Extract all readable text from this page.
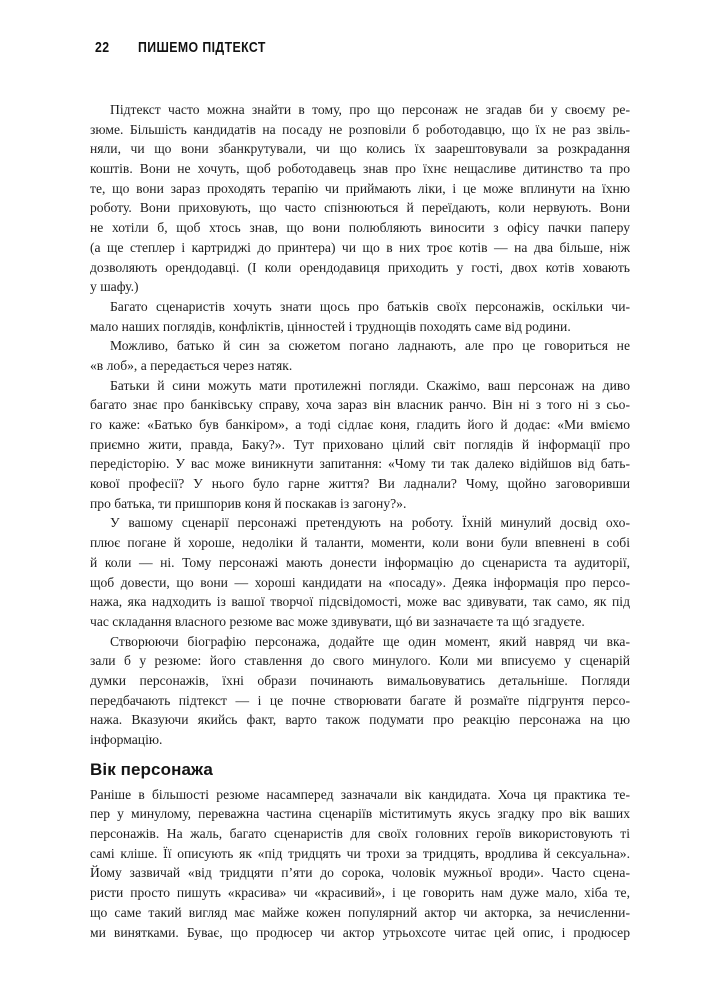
22 ПИШЕМО ПІДТЕКСТ
Підтекст часто можна знайти в тому, про що персонаж не згадав би у своєму ре-
зюме. Більшість кандидатів на посаду не розповіли б роботодавцю, що їх не раз звіль-
няли, чи що вони збанкрутували, чи що колись їх заарештовували за розкрадання
коштів. Вони не хочуть, щоб роботодавець знав про їхнє нещасливе дитинство та про
те, що вони зараз проходять терапію чи приймають ліки, і це може вплинути на їхню
роботу. Вони приховують, що часто спізнюються й переїдають, коли нервують. Вони
не хотіли б, щоб хтось знав, що вони полюбляють виносити з офісу пачки паперу
(а ще степлер і картриджі до принтера) чи що в них троє котів — на два більше, ніж
дозволяють орендодавці. (І коли орендодавиця приходить у гості, двох котів ховають
у шафу.)
Багато сценаристів хочуть знати щось про батьків своїх персонажів, оскільки чи-
мало наших поглядів, конфліктів, цінностей і труднощів походять саме від родини.
Можливо, батько й син за сюжетом погано ладнають, але про це говориться не
«в лоб», а передається через натяк.
Батьки й сини можуть мати протилежні погляди. Скажімо, ваш персонаж на диво
багато знає про банківську справу, хоча зараз він власник ранчо. Він ні з того ні з сьо-
го каже: «Батько був банкіром», а тоді сідлає коня, гладить його й додає: «Ми вміємо
приємно жити, правда, Баку?». Тут приховано цілий світ поглядів й інформації про
передісторію. У вас може виникнути запитання: «Чому ти так далеко відійшов від бать-
кової професії? У нього було гарне життя? Ви ладнали? Чому, щойно заговоривши
про батька, ти пришпорив коня й поскакав із загону?».
У вашому сценарії персонажі претендують на роботу. Їхній минулий досвід охо-
плює погане й хороше, недоліки й таланти, моменти, коли вони були впевнені в собі
й коли — ні. Тому персонажі мають донести інформацію до сценариста та аудиторії,
щоб довести, що вони — хороші кандидати на «посаду». Деяка інформація про персо-
нажа, яка надходить із вашої творчої підсвідомості, може вас здивувати, так само, як під
час складання власного резюме вас може здивувати, щó ви зазначаєте та щó згадуєте.
Створюючи біографію персонажа, додайте ще один момент, який навряд чи вка-
зали б у резюме: його ставлення до свого минулого. Коли ми вписуємо у сценарій
думки персонажів, їхні образи починають вимальовуватись детальніше. Погляди
передбачають підтекст — і це почне створювати багате й розмаїте підгрунтя персо-
нажа. Вказуючи якийсь факт, варто також подумати про реакцію персонажа на цю
інформацію.
Вік персонажа
Раніше в більшості резюме насамперед зазначали вік кандидата. Хоча ця практика те-
пер у минулому, переважна частина сценаріїв міститимуть якусь згадку про вік ваших
персонажів. На жаль, багато сценаристів для своїх головних героїв використовують ті
самі кліше. Її описують як «під тридцять чи трохи за тридцять, вродлива й сексуальна».
Йому зазвичай «від тридцяти п’яти до сорока, чоловік мужньої вроди». Часто сцена-
ристи просто пишуть «красива» чи «красивий», і це говорить нам дуже мало, хіба те,
що саме такий вигляд має майже кожен популярний актор чи акторка, за нечисленни-
ми винятками. Буває, що продюсер чи актор утрьохсоте читає цей опис, і продюсер
